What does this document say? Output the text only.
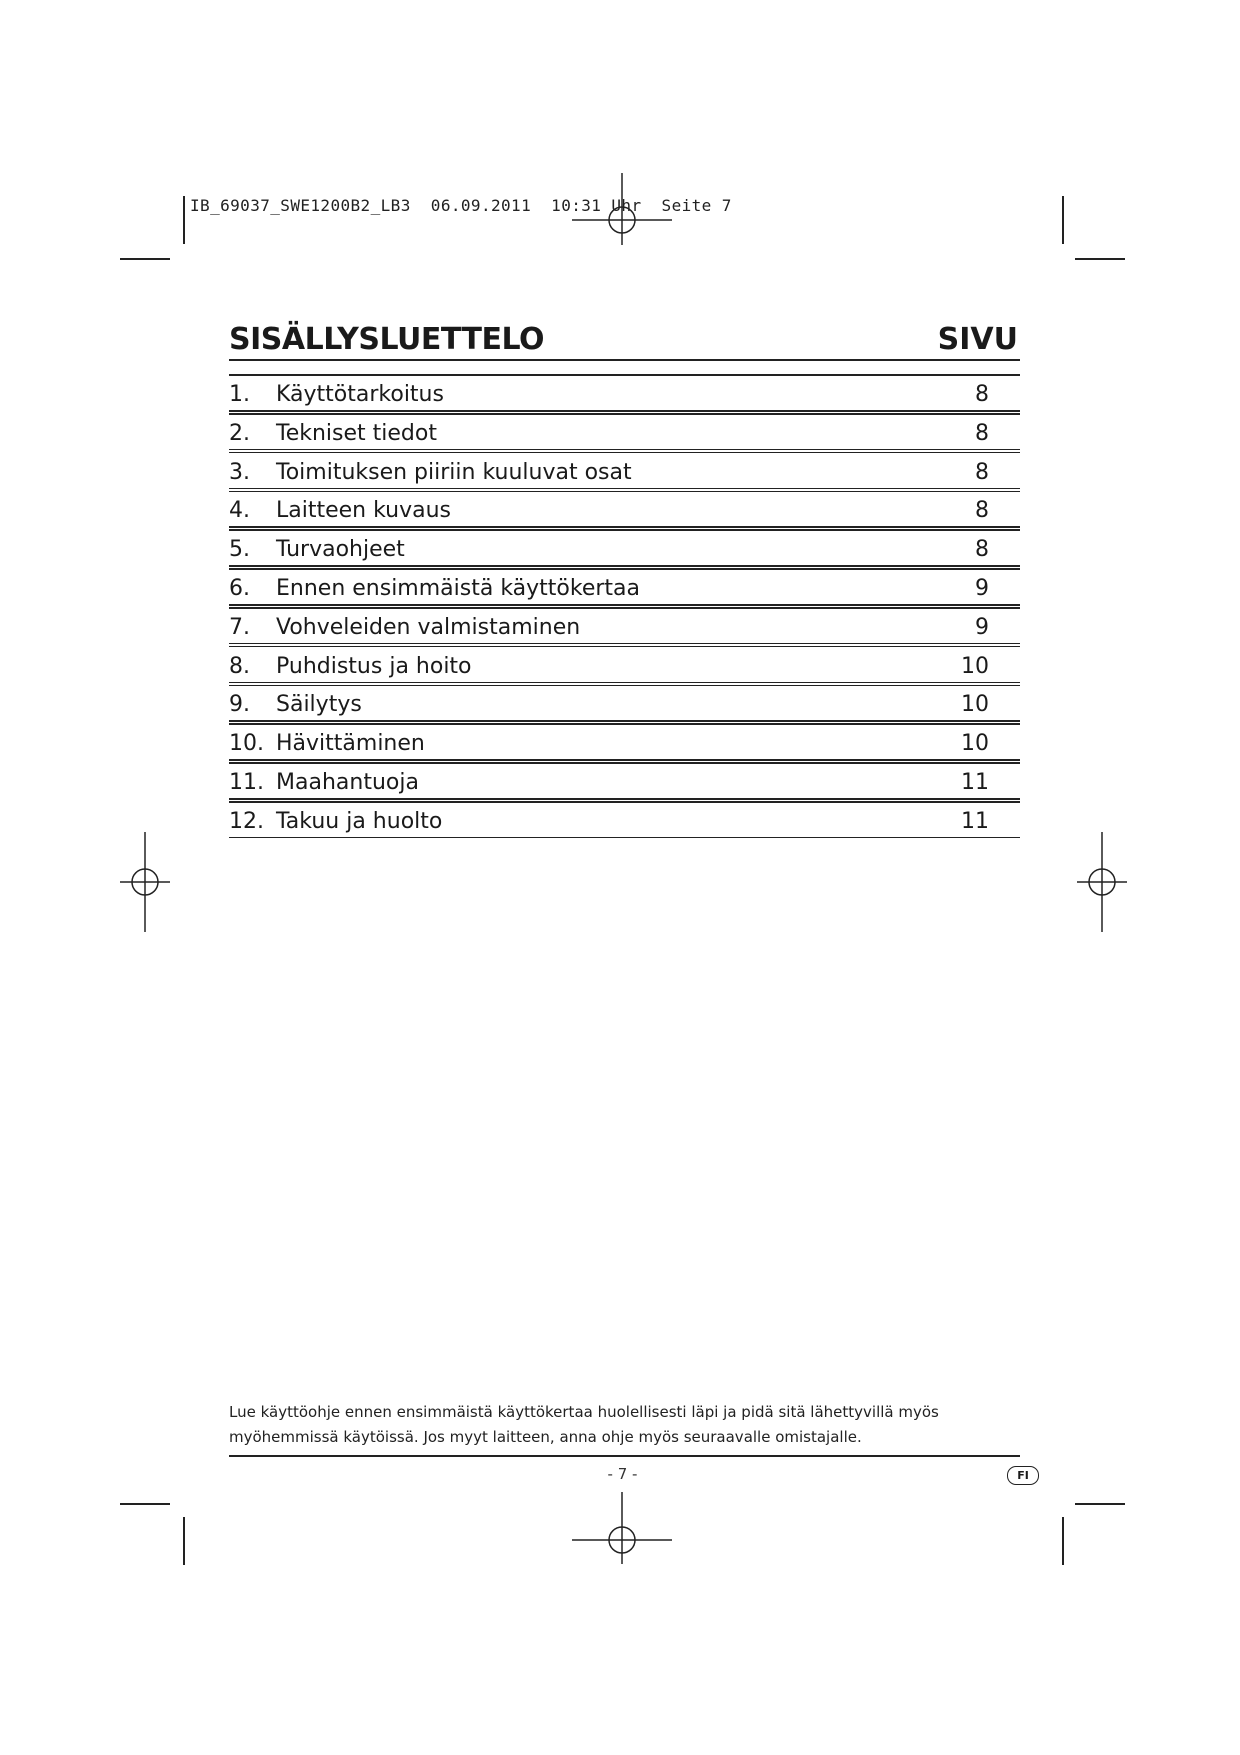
IB_69037_SWE1200B2_LB3  06.09.2011  10:31 Uhr  Seite 7
SISÄLLYSLUETTELO	SIVU
1. Käyttötarkoitus	8
2. Tekniset tiedot	8
3. Toimituksen piiriin kuuluvat osat	8
4. Laitteen kuvaus	8
5. Turvaohjeet	8
6. Ennen ensimmäistä käyttökertaa	9
7. Vohveleiden valmistaminen	9
8. Puhdistus ja hoito	10
9. Säilytys	10
10. Hävittäminen	10
11. Maahantuoja	11
12. Takuu ja huolto	11
Lue käyttöohje ennen ensimmäistä käyttökertaa huolellisesti läpi ja pidä sitä lähettyvillä myös myöhemmissä käytöissä. Jos myyt laitteen, anna ohje myös seuraavalle omistajalle.
- 7 -	FI
